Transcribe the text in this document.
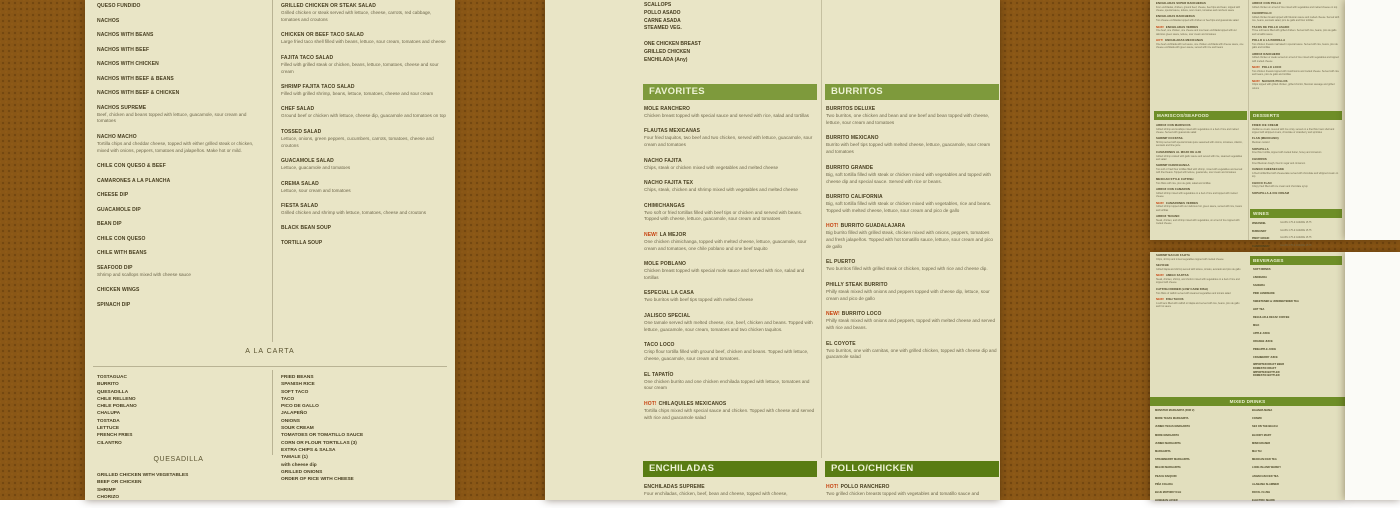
QUESO FUNDIDO
NACHOS
NACHOS WITH BEANS
NACHOS WITH BEEF
NACHOS WITH CHICKEN
NACHOS WITH BEEF & BEANS
NACHOS WITH BEEF & CHICKEN
NACHOS SUPREME
Beef, chicken and beans topped with lettuce, guacamole, sour cream and tomatoes
NACHO MACHO
Tortilla chips and cheddar cheese, topped with either grilled steak or chicken, mixed with onions, peppers, tomatoes and jalapeños. Make hot or mild.
CHILE CON QUESO & BEEF
CAMARONES A LA PLANCHA
CHEESE DIP
GUACAMOLE DIP
BEAN DIP
CHILE CON QUESO
CHILE WITH BEANS
SEAFOOD DIP
Shrimp and scallops mixed with cheese sauce
CHICKEN WINGS
SPINACH DIP
GRILLED CHICKEN OR STEAK SALAD
Grilled chicken or steak served with lettuce, cheese, carrots, red cabbage, tomatoes and croutons
CHICKEN OR BEEF TACO SALAD
Large fried taco shell filled with beans, lettuce, sour cream, tomatoes and cheese
FAJITA TACO SALAD
Filled with grilled steak or chicken, beans, lettuce, tomatoes, cheese and sour cream
SHRIMP FAJITA TACO SALAD
Filled with grilled shrimp, beans, lettuce, tomatoes, cheese and sour cream
CHEF SALAD
Ground beef or chicken with lettuce, cheese dip, guacamole and tomatoes on top
TOSSED SALAD
Lettuce, onions, green peppers, cucumbers, carrots, tomatoes, cheese and croutons
GUACAMOLE SALAD
Lettuce, guacamole and tomatoes
CREMA SALAD
Lettuce, sour cream and tomatoes
FIESTA SALAD
Grilled chicken and shrimp with lettuce, tomatoes, cheese and croutons
BLACK BEAN SOUP
TORTILLA SOUP
A LA CARTA
TOSTAGUAC
BURRITO
QUESADILLA
CHILE RELLENO
CHILE POBLANO
CHALUPA
TOSTADA
LETTUCE
FRENCH FRIES
CILANTRO
FRIED BEANS
SPANISH RICE
SOFT TACO
TACO
PICO DE GALLO
JALAPEÑO
ONIONS
SOUR CREAM
TOMATOES OR TOMATILLO SAUCE
CORN OR FLOUR TORTILLAS (3)
EXTRA CHIPS & SALSA
TAMALE (1)
with cheese dip
GRILLED ONIONS
ORDER OF RICE WITH CHEESE
QUESADILLA
GRILLED CHICKEN WITH VEGETABLES
BEEF OR CHICKEN
SHRIMP
CHORIZO
SCALLOPS
POLLO ASADO
CARNE ASADA
STEAMED VEG.
ONE CHICKEN BREAST
GRILLED CHICKEN
ENCHILADA (Any)
FAVORITES	BURRITOS
MOLE RANCHERO
Chicken breast topped with special sauce and served with rice, salad and tortillas
FLAUTAS MEXICANAS
Four fried taquitos, two beef and two chicken, served with lettuce, guacamole, sour cream and tomatoes
NACHO FAJITA
Chips, steak or chicken mixed with vegetables and melted cheese
NACHO FAJITA TEX
Chips, steak, chicken and shrimp mixed with vegetables and melted cheese
CHIMICHANGAS
Two soft or fried tortillas filled with beef tips or chicken and served with beans. Topped with cheese, lettuce, guacamole, sour cream and tomatoes
NEW! LA MEJOR
One chicken chimichanga, topped with melted cheese, lettuce, guacamole, sour cream and tomatoes, one chile poblano and one beef taquito
MOLE POBLANO
Chicken breast topped with special mole sauce and served with rice, salad and tortillas
ESPECIAL LA CASA
Two burritos with beef tips topped with melted cheese
JALISCO SPECIAL
One tamale served with melted cheese, rice, beef, chicken and beans. Topped with lettuce, guacamole, sour cream, tomatoes and two chicken taquitos.
TACO LOCO
Crisp flour tortilla filled with ground beef, chicken and beans. Topped with lettuce, cheese, guacamole, sour cream and tomatoes.
EL TAPATÍO
One chicken burrito and one chicken enchilada topped with lettuce, tomatoes and sour cream
HOT! CHILAQUILES MEXICANOS
Tortilla chips mixed with special sauce and chicken. Topped with cheese and served with rice and guacamole salad
BURRITOS DELUXE
Two burritos, one chicken and bean and one beef and bean topped with cheese, lettuce, sour cream and tomatoes
BURRITO MEXICANO
Burrito with beef tips topped with melted cheese, lettuce, guacamole, sour cream and tomatoes
BURRITO GRANDE
Big, soft tortilla filled with steak or chicken mixed with vegetables and topped with cheese dip and special sauce. Served with rice or beans.
BURRITO CALIFORNIA
Big, soft tortilla filled with steak or chicken mixed with vegetables, rice and beans. Topped with melted cheese, lettuce, sour cream and pico de gallo
HOT! BURRITO GUADALAJARA
Big burrito filled with grilled steak, chicken mixed with onions, peppers, tomatoes and fresh jalapeños. Topped with hot tomatillo sauce, lettuce, sour cream and pico de gallo
EL PUERTO
Two burritos filled with grilled steak or chicken, topped with rice and cheese dip.
PHILLY STEAK BURRITO
Philly steak mixed with onions and peppers topped with cheese dip, lettuce, sour cream and pico de gallo
NEW! BURRITO LOCO
Philly steak mixed with onions and peppers, topped with melted cheese and served with rice and beans.
EL COYOTE
Two burritos, one with carnitas, one with grilled chicken, topped with cheese dip and guacamole salad
ENCHILADAS	POLLO/CHICKEN
ENCHILADAS SUPREME
Four enchiladas, chicken, beef, bean and cheese, topped with cheese,
HOT! POLLO RANCHERO
Two grilled chicken breasts topped with vegetables and tomatillo sauce and
ENCHILADAS SUPER RANCHERAS
Four enchiladas, chicken, ground beef, cheese, beef tips and bean, topped with cheese, special sauce, lettuce, sour cream, tomatoes and ranchero sauce
ENCHILADAS RANCHERAS
Two cheese enchiladas topped with chicken or beef tips and guacamole salad
NEW! ENCHILADAS VERDES
One beef, one chicken, one cheese and one bean enchilada topped with our delicious green sauce, lettuce, sour cream and tomatoes
HOT! ENCHILADAS MEXICANAS
One beef enchilada with red sauce, one chicken enchilada with cheese sauce, one cheese enchilada with green sauce, served with rice and beans
ARROZ CON POLLO
Grilled chicken on a bed of rice mixed with vegetables and melted cheese on top
CHORIPOLLO
Grilled chicken breast topped with Mexican sauce and melted cheese. Served with rice, beans, avocado salad, pico de gallo and flour tortillas
TACOS DE POLLO ASADO
Three soft tacos filled with grilled chicken. Served with rice, beans, pico de gallo and tomatillo sauce
POLLO A LA PARRILLA
Two chicken breasts marinated in special sauce. Served with rice, beans, pico de gallo and tortillas
ARROZ RANCHERO
Grilled chicken or steak served on a bed of rice mixed with vegetables and topped with melted cheese
NEW! POLLO LOCO
Two chicken breasts topped with mushrooms and melted cheese. Served with rice and beans, pico de gallo and tortillas
NEW! NACHOS POLLOS
Chips topped with grilled chicken, grilled chorizo, Mexican sausage and grilled onions
MARISCOS/SEAFOOD	DESSERTS
ARROZ CON MARISCOS
Grilled shrimp and scallops mixed with vegetables on a bed of rice and melted cheese. Served with guacamole salad
SHRIMP COCKTAIL
Shrimp served with special tomato juice seasoned with onions, tomatoes, cilantro, avocado and lime juice
CAMARONES AL MOJO DE AJO
Grilled shrimp cooked with garlic sauce and served with rice, steamed vegetables and salad
SHRIMP CHIMICHANGA
Two soft or fried flour tortillas filled with shrimp, mixed with vegetables and served with fried beans. Topped with lettuce, guacamole, sour cream and tomatoes
MEXICAN STYLE CATFISH
Two fillets with rice, pico de gallo, salad and tortillas
ARROZ CON CAMARON
Grilled shrimp mixed with vegetables on a bed of rice and topped with melted cheese
NEW! CAMARONES VERDES
Grilled shrimp topped with our delicious hot, green sauce, served with rice, beans and tortillas
ARROZ TEXANO
Steak, chicken, and shrimp mixed with vegetables, on a bed of rice topped with melted cheese
FRIED ICE CREAM
Vanilla ice cream covered with rice crisp, served on a fried flour taco shell and topped with whipped cream, chocolate or strawberry and sprinkles
FLAN (MEXICANO)
Mexican custard
SOPAPILLA
Fried flour tortilla, topped with melted butter, honey and cinnamon
CHURROS
Fried Mexican dough, fried in sugar and cinnamon
XANGO CHEESECAKE
A fried tortilla filled with cheesecake served with chocolate and whipped cream on top
CHOCO FLAN
Crispy fried filled with ice cream and chocolate syrup
SOPAPILLA & ICE CREAM
WINES
ZINFANDEL	GLASS 4.75 & CARAFE 15.75
BURGUNDY	GLASS 4.75 & CARAFE 15.75
PINOT GRIGIO	GLASS 4.75 & CARAFE 15.75
CHARDONNAY	GLASS 4.75 & CARAFE 15.75
SHRIMP NACHO FAJITA
Chips, shrimp and mixed vegetables topped with melted cheese
SEVICHE
Grilled tilapia and shrimp served with lettuce, tomato, avocado and pico de gallo
NEW! AMIGO FAJITAS
Steak, chicken, shrimp, and chorizo mixed with vegetables on a bed of rice and topped with cheese
CATFISH DINNER (LOW CARB DISH)
Two fillets of catfish served with steamed vegetables and tomato salad
NEW! FISH TACOS
A soft taco filled with catfish or tilapia and served with rice, beans, pico de gallo and hot sauce
BEVERAGES
SOFT DRINKS
LIMONADA
SANGRIA
PINK LEMONADE
SWEETENED & UNSWEETENED TEA
HOT TEA
REGULAR & DECAF COFFEE
MILK
APPLE JUICE
ORANGE JUICE
PINEAPPLE JUICE
CRANBERRY JUICE
IMPORTED DRAFT BEER
DOMESTIC DRAFT
IMPORTED BOTTLED
DOMESTIC BOTTLED
MIXED DRINKS
MONSTER MARGARITA (FOR 2)
MORE TEXAS MARGARITA
JUMBO TEXAS MARGARITA
MORE MARGARITA
JUMBO MARGARITA
MARGARITA
STRAWBERRY MARGARITA
MELON MARGARITA
PEACH DAIQUIRI
PIÑA COLADA
BLUE MOTORCYCLE
HAWAIIAN LOVER
BAHAMA MAMA
COSMO
SEX ON THE BEACH
BLOODY MARY
MIND ERASER
MAI TAI
MEXICAN ICED TEA
LONG ISLAND WHISKY
JAMAICAN ICED TEA
ALABAMA SLAMMER
ROYAL FLUSH
ELECTRIC SHARK
